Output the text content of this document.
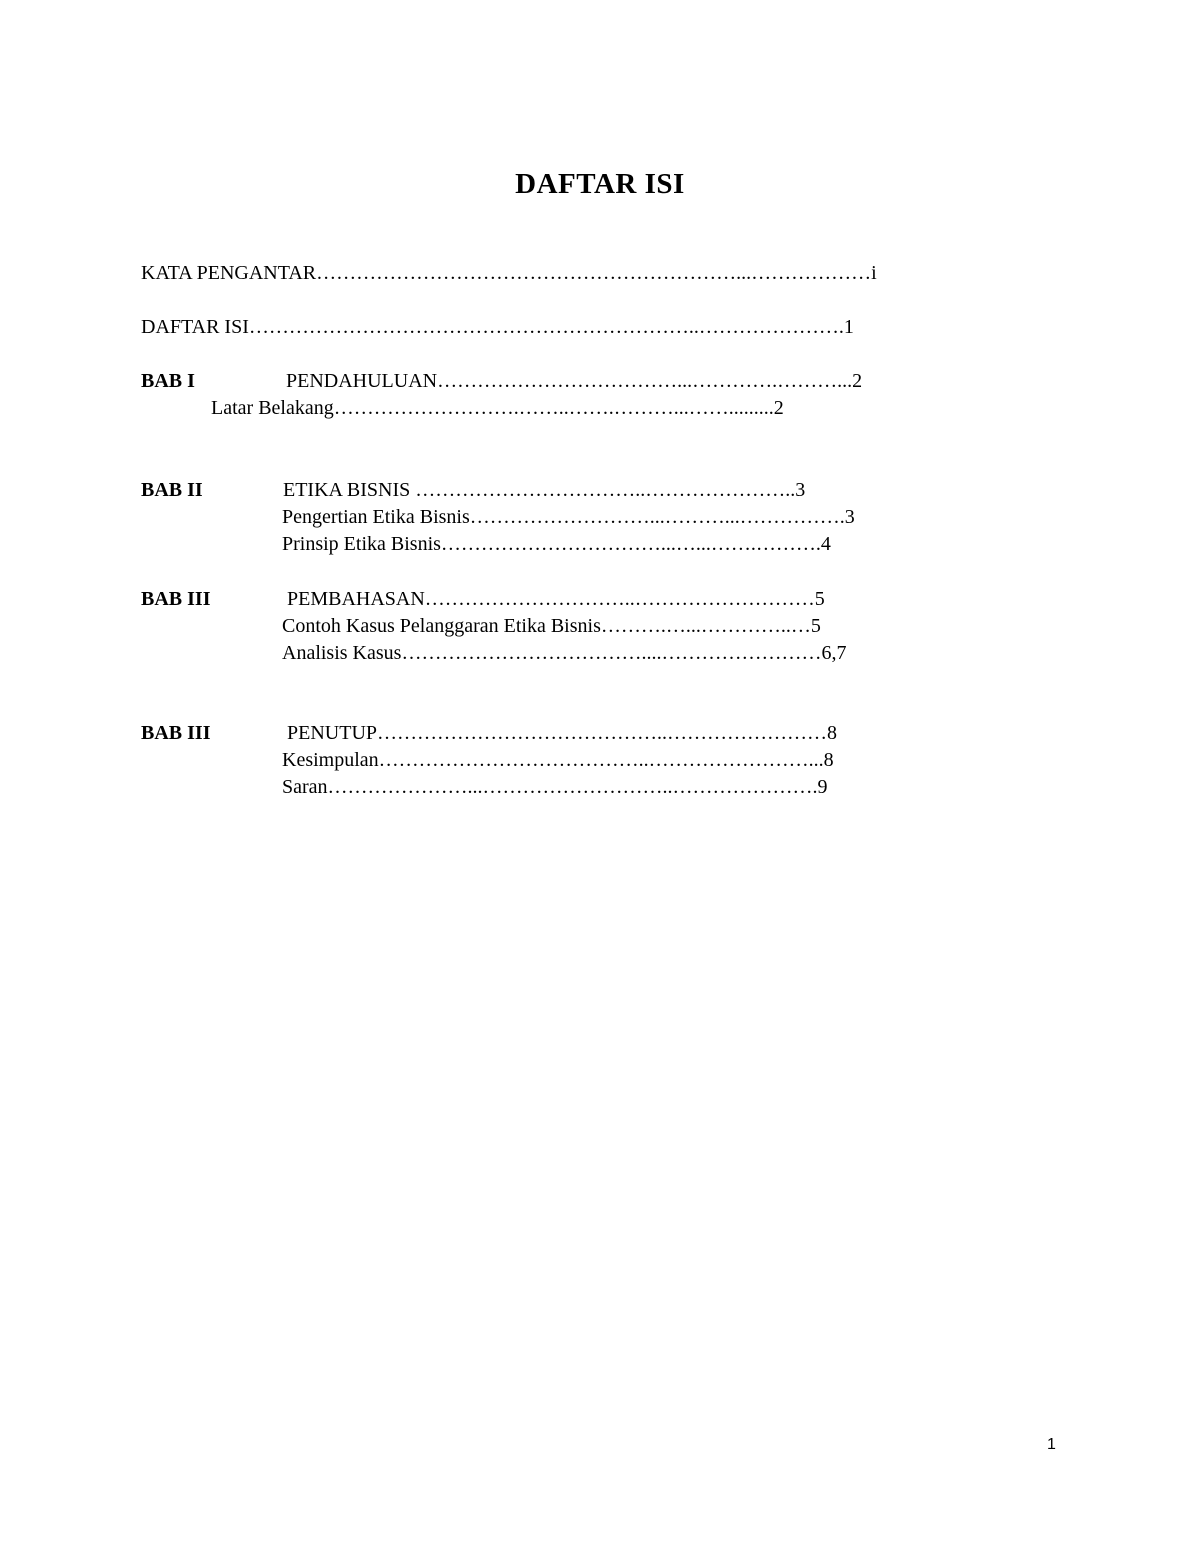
DAFTAR ISI
KATA PENGANTAR………………………………………………………...………………i
DAFTAR ISI…………………………………………………………..………………….1
BAB I	PENDAHULUAN………………………………...………….………...2
Latar Belakang……………………….……..…….………...…….........2
BAB II	ETIKA BISNIS ……………………………..…………………..3
Pengertian Etika Bisnis………………………...………...…………….3
Prinsip Etika Bisnis……………………………...…...…….……….4
BAB III	PEMBAHASAN…………………………..………………………5
Contoh Kasus Pelanggaran Etika Bisnis……….…...…………..…5
Analisis Kasus………………………………....……………………6,7
BAB III	PENUTUP……………………………………..……………………8
Kesimpulan…………………………………..……………………...8
Saran…………………...………………………..………………….9
1
